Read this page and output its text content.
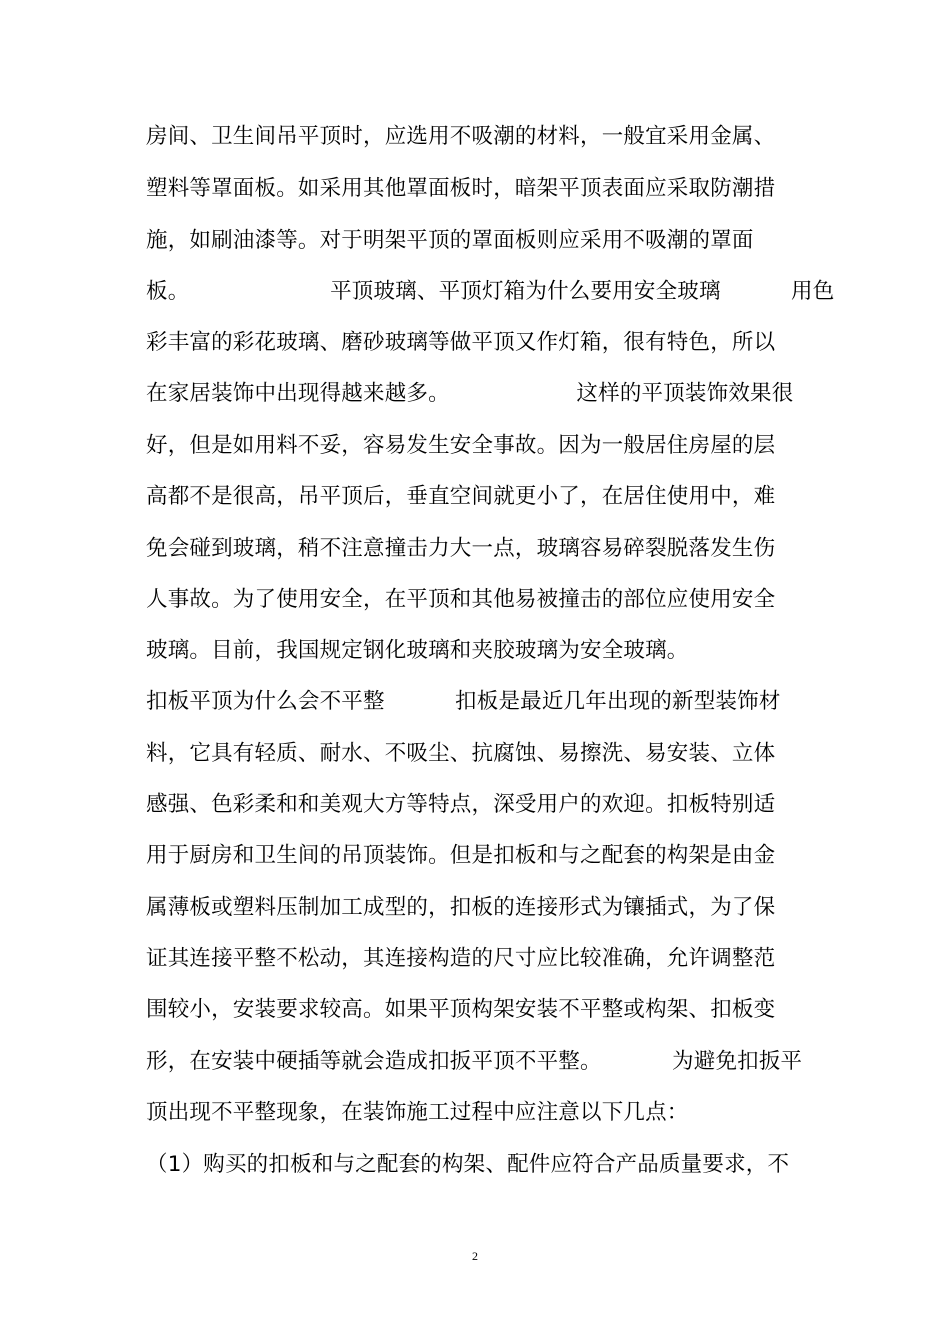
房间、卫生间吊平顶时，应选用不吸潮的材料，一般宜采用金属、
塑料等罩面板。如采用其他罩面板时，暗架平顶表面应采取防潮措
施，如刷油漆等。对于明架平顶的罩面板则应采用不吸潮的罩面
板。                    平顶玻璃、平顶灯箱为什么要用安全玻璃          用色
彩丰富的彩花玻璃、磨砂玻璃等做平顶又作灯箱，很有特色，所以
在家居装饰中出现得越来越多。                  这样的平顶装饰效果很
好，但是如用料不妥，容易发生安全事故。因为一般居住房屋的层
高都不是很高，吊平顶后，垂直空间就更小了，在居住使用中，难
免会碰到玻璃，稍不注意撞击力大一点，玻璃容易碎裂脱落发生伤
人事故。为了使用安全，在平顶和其他易被撞击的部位应使用安全
玻璃。目前，我国规定钢化玻璃和夹胶玻璃为安全玻璃。
扣板平顶为什么会不平整          扣板是最近几年出现的新型装饰材
料，它具有轻质、耐水、不吸尘、抗腐蚀、易擦洗、易安装、立体
感强、色彩柔和和美观大方等特点，深受用户的欢迎。扣板特别适
用于厨房和卫生间的吊顶装饰。但是扣板和与之配套的构架是由金
属薄板或塑料压制加工成型的，扣板的连接形式为镶插式，为了保
证其连接平整不松动，其连接构造的尺寸应比较准确，允许调整范
围较小，安装要求较高。如果平顶构架安装不平整或构架、扣板变
形，在安装中硬插等就会造成扣扳平顶不平整。          为避免扣扳平
顶出现不平整现象，在装饰施工过程中应注意以下几点：
（1）购买的扣板和与之配套的构架、配件应符合产品质量要求，不
2
